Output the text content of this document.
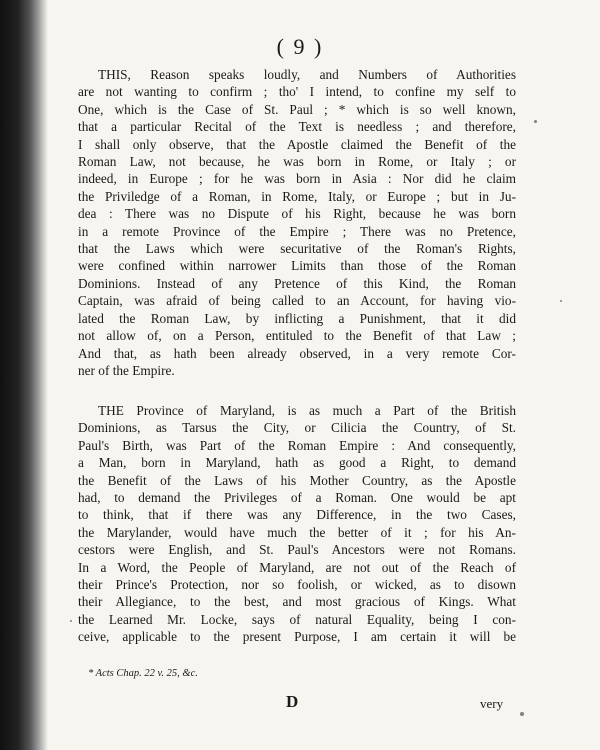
( 9 )
THIS, Reason speaks loudly, and Numbers of Authorities
are not wanting to confirm ; tho' I intend, to confine my self to
One, which is the Case of St. Paul ; * which is so well known,
that a particular Recital of the Text is needless ; and therefore,
I shall only observe, that the Apostle claimed the Benefit of the
Roman Law, not because, he was born in Rome, or Italy ; or
indeed, in Europe ; for he was born in Asia : Nor did he claim
the Priviledge of a Roman, in Rome, Italy, or Europe ; but in Ju-
dea : There was no Dispute of his Right, because he was born
in a remote Province of the Empire ; There was no Pretence,
that the Laws which were securitative of the Roman's Rights,
were confined within narrower Limits than those of the Roman
Dominions. Instead of any Pretence of this Kind, the Roman
Captain, was afraid of being called to an Account, for having vio-
lated the Roman Law, by inflicting a Punishment, that it did
not allow of, on a Person, entituled to the Benefit of that Law ;
And that, as hath been already observed, in a very remote Cor-
ner of the Empire.
THE Province of Maryland, is as much a Part of the British
Dominions, as Tarsus the City, or Cilicia the Country, of St.
Paul's Birth, was Part of the Roman Empire : And consequently,
a Man, born in Maryland, hath as good a Right, to demand
the Benefit of the Laws of his Mother Country, as the Apostle
had, to demand the Privileges of a Roman. One would be apt
to think, that if there was any Difference, in the two Cases,
the Marylander, would have much the better of it ; for his An-
cestors were English, and St. Paul's Ancestors were not Romans.
In a Word, the People of Maryland, are not out of the Reach of
their Prince's Protection, nor so foolish, or wicked, as to disown
their Allegiance, to the best, and most gracious of Kings. What
the Learned Mr. Locke, says of natural Equality, being I con-
ceive, applicable to the present Purpose, I am certain it will be
* Acts Chap. 22 v. 25, &c.
D	very
